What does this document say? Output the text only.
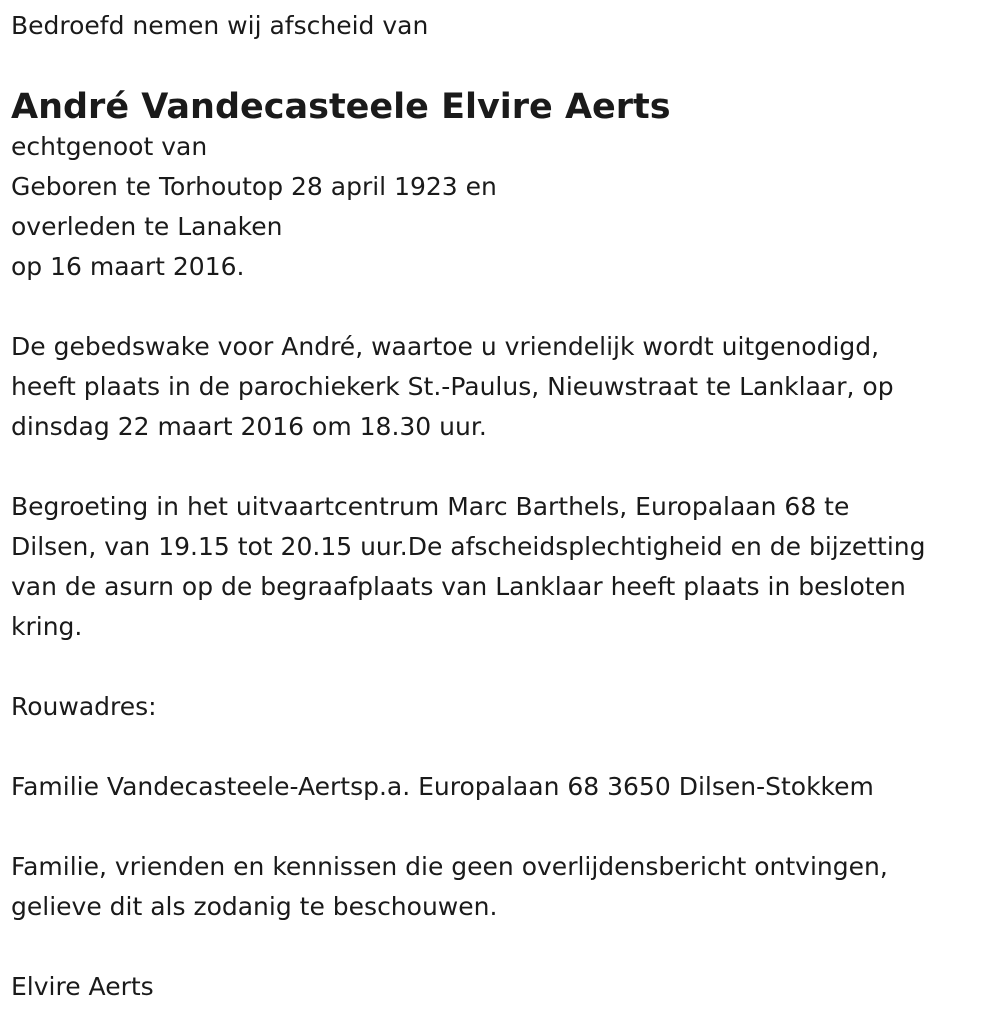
Bedroefd nemen wij afscheid van

André Vandecasteele Elvire Aerts

echtgenoot van

Geboren te Torhoutop 28 april 1923 en

overleden te Lanaken

op 16 maart 2016.

De gebedswake voor André, waartoe u vriendelijk wordt uitgenodigd,

heeft plaats in de parochiekerk St.-Paulus, Nieuwstraat te Lanklaar, op

dinsdag 22 maart 2016 om 18.30 uur.

Begroeting in het uitvaartcentrum Marc Barthels, Europalaan 68 te

Dilsen, van 19.15 tot 20.15 uur.De afscheidsplechtigheid en de bijzetting

van de asurn op de begraafplaats van Lanklaar heeft plaats in besloten

kring.

Rouwadres:

Familie Vandecasteele-Aertsp.a. Europalaan 68 3650 Dilsen-Stokkem

Familie, vrienden en kennissen die geen overlijdensbericht ontvingen,

gelieve dit als zodanig te beschouwen.

Elvire Aerts
